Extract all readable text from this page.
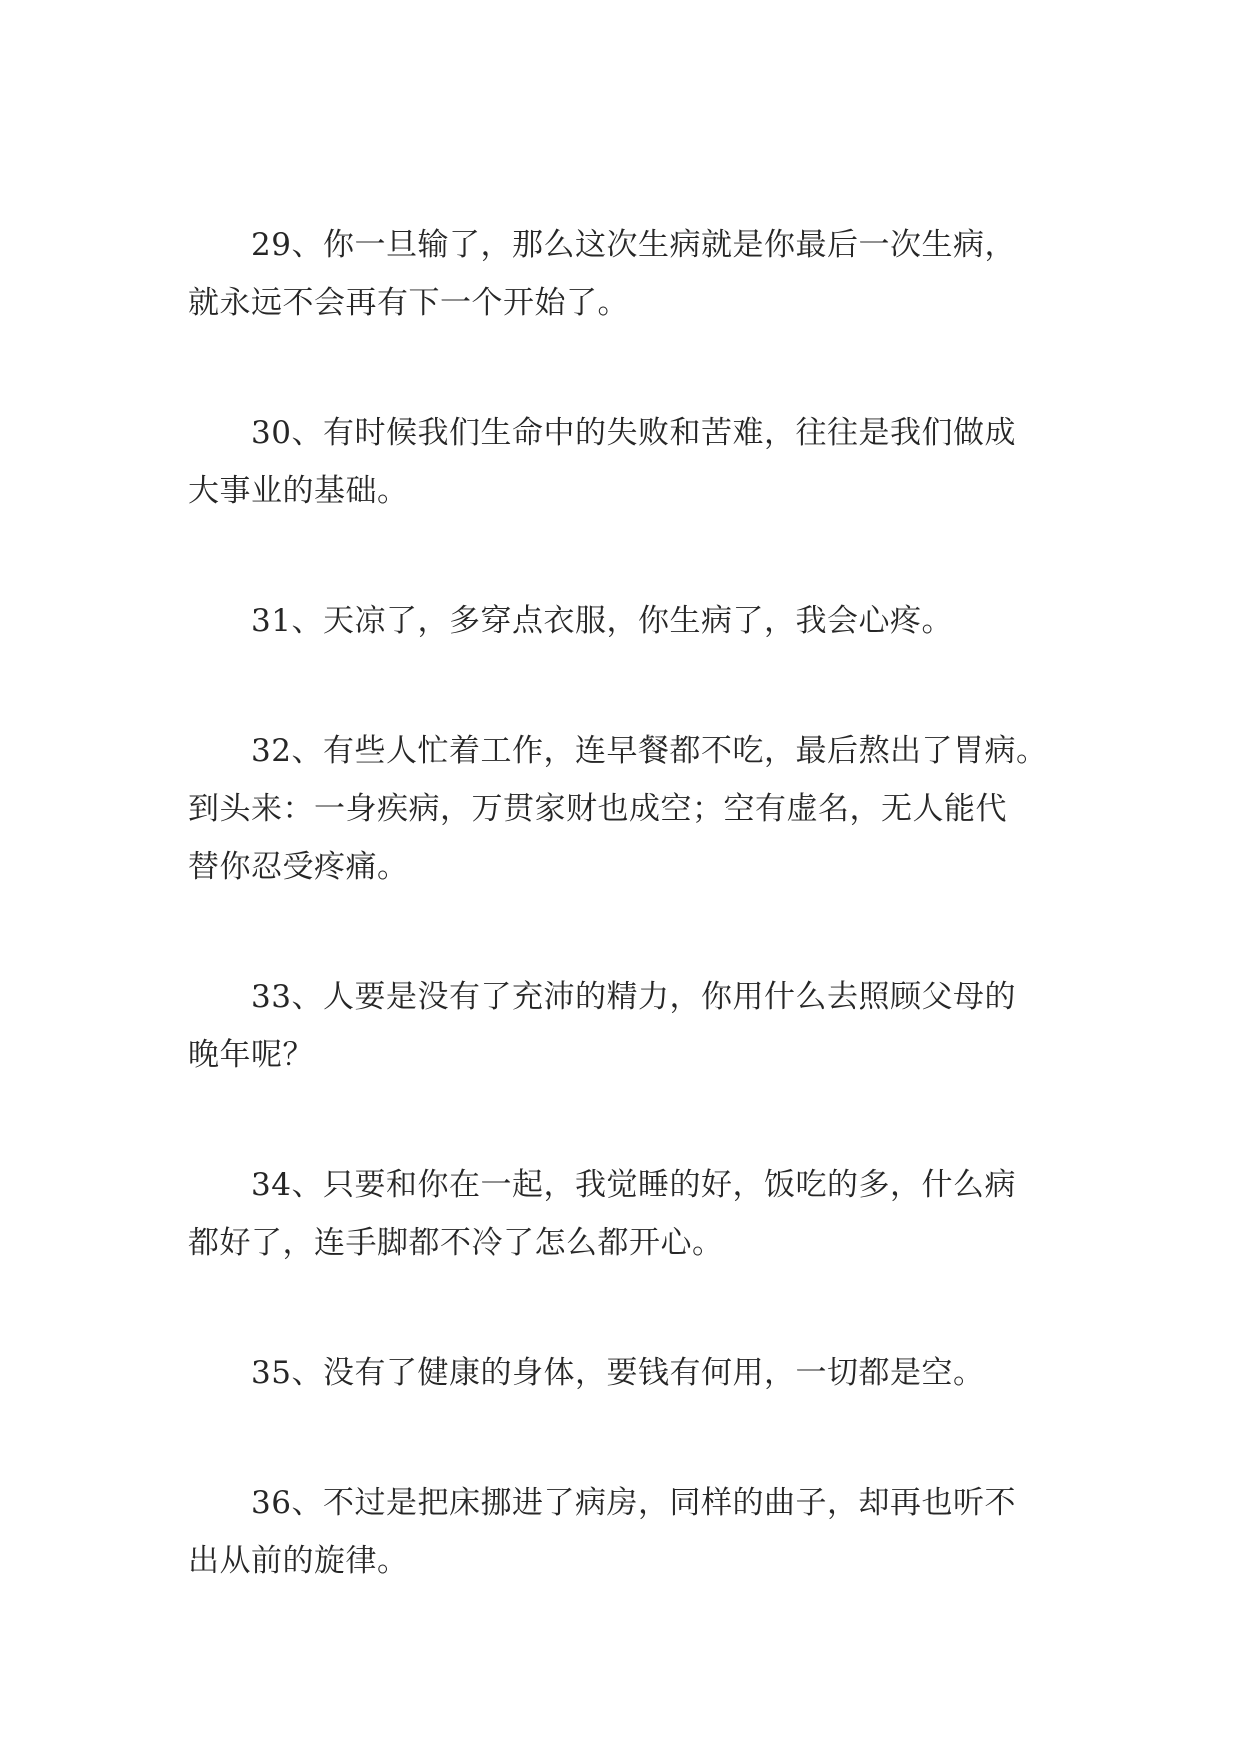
　　29、你一旦输了，那么这次生病就是你最后一次生病，
就永远不会再有下一个开始了。

　　30、有时候我们生命中的失败和苦难，往往是我们做成
大事业的基础。

　　31、天凉了，多穿点衣服，你生病了，我会心疼。

　　32、有些人忙着工作，连早餐都不吃，最后熬出了胃病。
到头来：一身疾病，万贯家财也成空；空有虚名，无人能代
替你忍受疼痛。

　　33、人要是没有了充沛的精力，你用什么去照顾父母的
晚年呢？

　　34、只要和你在一起，我觉睡的好，饭吃的多，什么病
都好了，连手脚都不冷了怎么都开心。

　　35、没有了健康的身体，要钱有何用，一切都是空。

　　36、不过是把床挪进了病房，同样的曲子，却再也听不
出从前的旋律。
